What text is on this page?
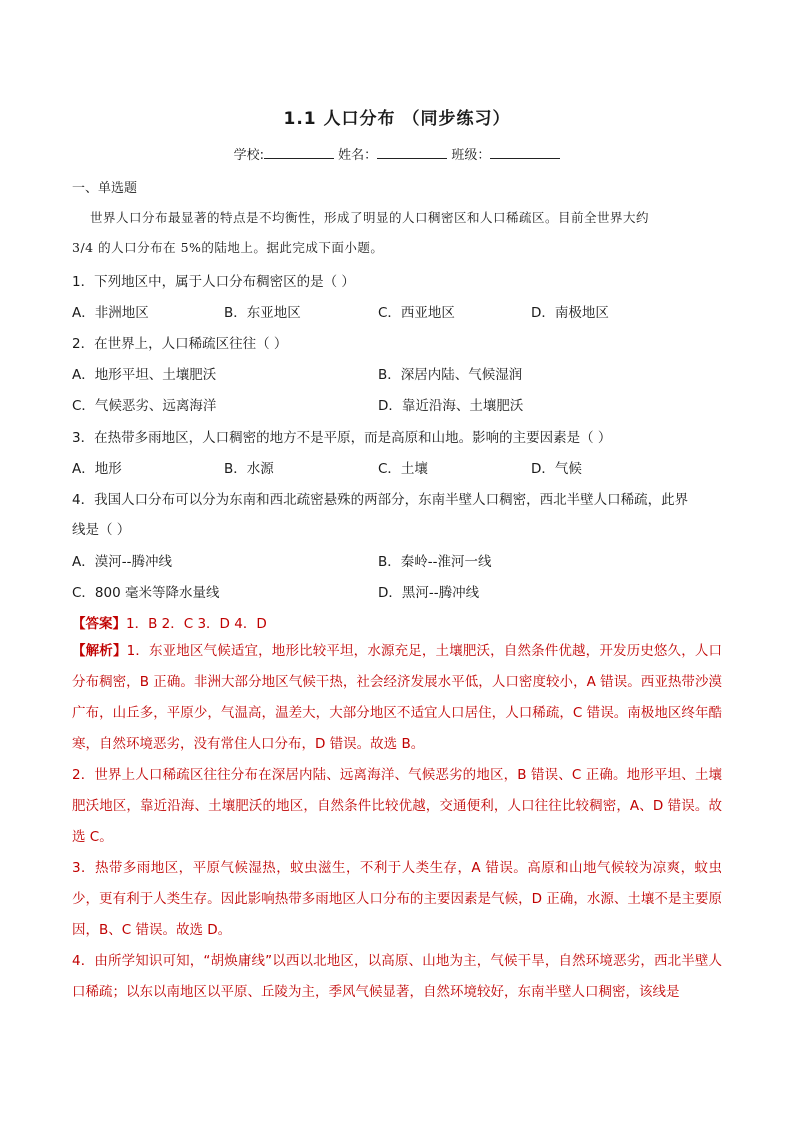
1.1 人口分布 （同步练习）
学校:	姓名：	班级：
一、单选题
世界人口分布最显著的特点是不均衡性，形成了明显的人口稠密区和人口稀疏区。目前全世界大约
3/4 的人口分布在 5%的陆地上。据此完成下面小题。
1．下列地区中，属于人口分布稠密区的是（ ）
A．非洲地区	B．东亚地区	C．西亚地区	D．南极地区
2．在世界上，人口稀疏区往往（ ）
A．地形平坦、土壤肥沃	B．深居内陆、气候湿润
C．气候恶劣、远离海洋	D．靠近沿海、土壤肥沃
3．在热带多雨地区，人口稠密的地方不是平原，而是高原和山地。影响的主要因素是（ ）
A．地形	B．水源	C．土壤	D．气候
4．我国人口分布可以分为东南和西北疏密悬殊的两部分，东南半壁人口稠密，西北半壁人口稀疏，此界
线是（ ）
A．漠河--腾冲线	B．秦岭--淮河一线
C．800 毫米等降水量线	D．黑河--腾冲线
【答案】1．B 2．C 3．D 4．D
【解析】1．东亚地区气候适宜，地形比较平坦，水源充足，土壤肥沃，自然条件优越，开发历史悠久，人口分布稠密，B 正确。非洲大部分地区气候干热，社会经济发展水平低，人口密度较小，A 错误。西亚热带沙漠广布，山丘多，平原少，气温高，温差大，大部分地区不适宜人口居住，人口稀疏，C 错误。南极地区终年酷寒，自然环境恶劣，没有常住人口分布，D 错误。故选 B。
2．世界上人口稀疏区往往分布在深居内陆、远离海洋、气候恶劣的地区，B 错误、C 正确。地形平坦、土壤肥沃地区，靠近沿海、土壤肥沃的地区，自然条件比较优越，交通便利，人口往往比较稠密，A、D 错误。故选 C。
3．热带多雨地区，平原气候湿热，蚊虫滋生，不利于人类生存，A 错误。高原和山地气候较为凉爽，蚊虫少，更有利于人类生存。因此影响热带多雨地区人口分布的主要因素是气候，D 正确，水源、土壤不是主要原因，B、C 错误。故选 D。
4．由所学知识可知，“胡焕庸线”以西以北地区，以高原、山地为主，气候干旱，自然环境恶劣，西北半壁人口稀疏；以东以南地区以平原、丘陵为主，季风气候显著，自然环境较好，东南半壁人口稠密，该线是
